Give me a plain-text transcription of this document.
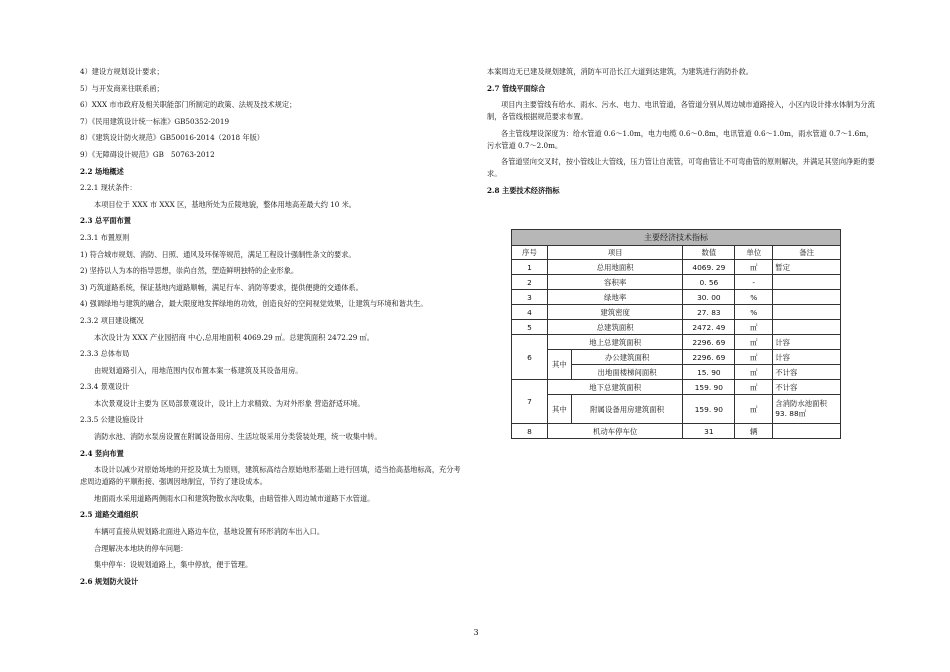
4）建设方规划设计要求；
5）与开发商来往联系函；
6）XXX 市市政府及相关职能部门所制定的政策、法规及技术规定；
7）《民用建筑设计统一标准》GB50352-2019
8）《建筑设计防火规范》GB50016-2014（2018 年版）
9）《无障碍设计规范》GB　50763-2012
2.2 场地概述
2.2.1 现状条件：
本项目位于 XXX 市 XXX 区，基地所处为丘陵地貌，整体用地高差最大约 10 米。
2.3 总平面布置
2.3.1 布置原则
1) 符合城市规划、消防、日照、通风及环保等规范，满足工程设计强制性条文的要求。
2) 坚持以人为本的指导思想，崇尚自然，塑造鲜明独特的企业形象。
3) 巧筑道路系统，保证基地内道路顺畅，满足行车、消防等要求，提供便捷的交通体系。
4) 强调绿地与建筑的融合，最大限度地发挥绿地的功效，创造良好的空间视觉效果，让建筑与环境和谐共生。
2.3.2 项目建设概况
本次设计为 XXX 产业园招商 中心,总用地面积 4069.29 ㎡。总建筑面积 2472.29 ㎡。
2.3.3 总体布局
由规划道路引入，用地范围内仅布置本案一栋建筑及其设备用房。
2.3.4 景观设计
本次景观设计主要为 区局部景观设计，设计上力求精致、为对外形象 营造舒适环境。
2.3.5 公建设施设计
消防水池、消防水泵房设置在附属设备用房、生活垃圾采用分类袋装处理，统一收集中转。
2.4 竖向布置
本设计以减少对原始场地的开挖及填土为原则，建筑标高结合原始地形基础上进行回填，适当抬高基地标高，充分考虑周边道路的平顺衔接、强调因地制宜，节约了建设成本。
地面雨水采用道路两侧雨水口和建筑物散水沟收集，由暗管排入周边城市道路下水管道。
2.5 道路交通组织
车辆可直接从规划路北面进入路边车位，基地设置有环形消防车出入口。
合理解决本地块的停车问题：
集中停车：设规划道路上，集中停放，便于管理。
2.6 规划防火设计
本案周边无已建及规划建筑，消防车可沿长江大道到达建筑，为建筑进行消防扑救。
2.7 管线平面综合
项目内主要管线有给水、雨水、污水、电力、电讯管道，各管道分别从周边城市道路接入，小区内设计排水体制为分流制，各管线根据规范要求布置。
各主管线埋设深度为：给水管道 0.6～1.0m，电力电缆 0.6～0.8m，电讯管道 0.6～1.0m，雨水管道 0.7～1.6m，污水管道 0.7～2.0m。
各管道竖向交叉时，按小管线让大管线，压力管让自流管，可弯曲管让不可弯曲管的原则解决，并满足其竖向净距的要求。
2.8 主要技术经济指标
主要经济技术指标					
序号	项目		数值	单位	备注
1	总用地面积		4069. 29	㎡	暂定
2	容积率		0. 56	-	
3	绿地率		30. 00	%	
4	建筑密度		27. 83	%	
5	总建筑面积		2472. 49	㎡	
6	地上总建筑面积		2296. 69	㎡	计容
	其中	办公建筑面积	2296. 69	㎡	计容
		出地面楼梯间面积	15. 90	㎡	不计容
7	地下总建筑面积		159. 90	㎡	不计容
	其中	附属设备用房建筑面积	159. 90	㎡	含消防水池面积93. 88㎡
8	机动车停车位		31	辆	
3
